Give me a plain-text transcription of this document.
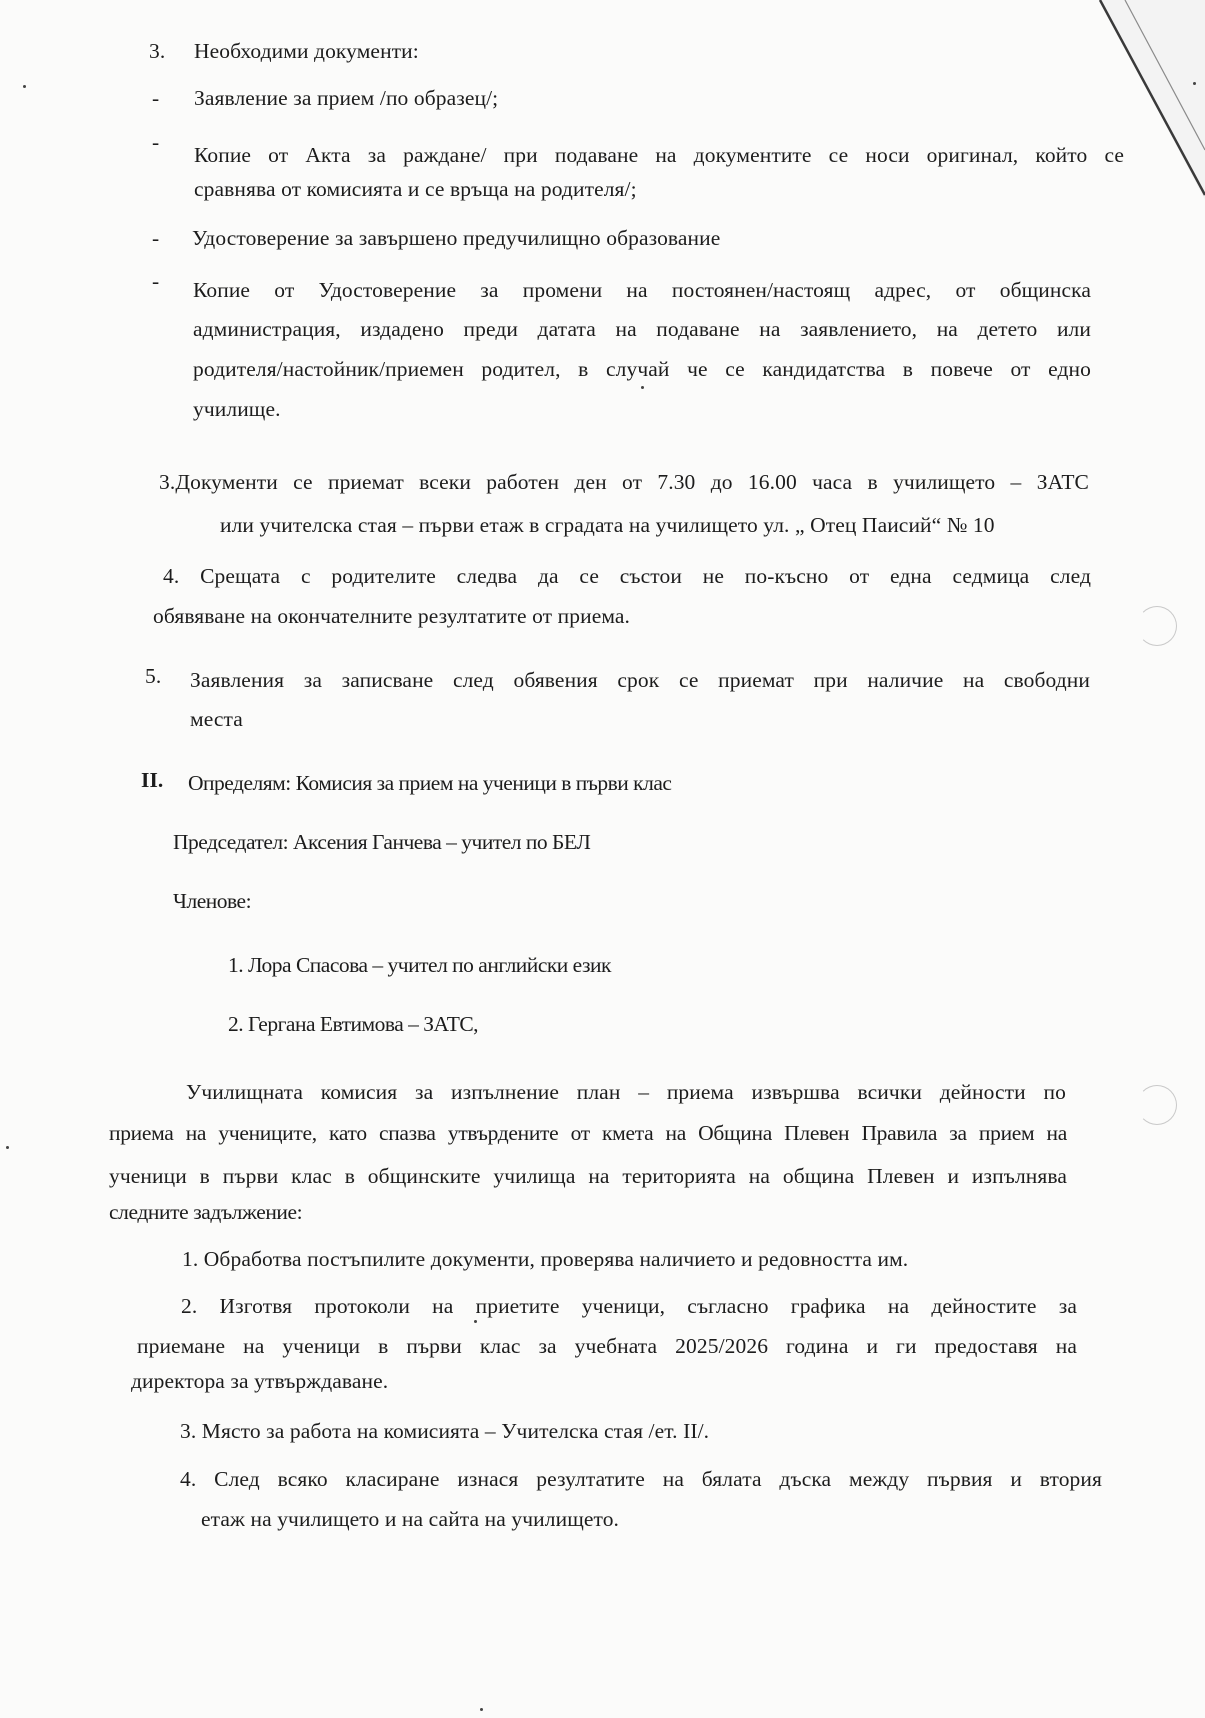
3. Необходими документи:
- Заявление за прием /по образец/;
-
Копие от Акта за раждане/ при подаване на документите се носи оригинал, който се
сравнява от комисията и се връща на родителя/;
- Удостоверение за завършено предучилищно образование
- Копие от Удостоверение за промени на постоянен/настоящ адрес, от общинска
администрация, издадено преди датата на подаване на заявлението, на детето или
родителя/настойник/приемен родител, в случай че се кандидатства в повече от едно
училище.
3.Документи се приемат всеки работен ден от 7.30 до 16.00 часа в училището – ЗАТС
или учителска стая – първи етаж в сградата на училището ул. „ Отец Паисий“ № 10
4. Срещата с родителите следва да се състои не по-късно от една седмица след
обявяване на окончателните резултатите от приема.
5. Заявления за записване след обявения срок се приемат при наличие на свободни
места
II. Определям: Комисия за прием на ученици в първи клас
Председател: Аксения Ганчева – учител по БЕЛ
Членове:
1. Лора Спасова – учител по английски език
2. Гергана Евтимова – ЗАТС,
Училищната комисия за изпълнение план – приема извършва всички дейности по
приема на учениците, като спазва утвърдените от кмета на Община Плевен Правила за прием на
ученици в първи клас в общинските училища на територията на община Плевен и изпълнява
следните задължение:
1. Обработва постъпилите документи, проверява наличието и редовността им.
2. Изготвя протоколи на приетите ученици, съгласно графика на дейностите за
приемане на ученици в първи клас за учебната 2025/2026 година и ги предоставя на
директора за утвърждаване.
3. Място за работа на комисията – Учителска стая /ет. II/.
4. След всяко класиране изнася резултатите на бялата дъска между първия и втория
етаж на училището и на сайта на училището.
